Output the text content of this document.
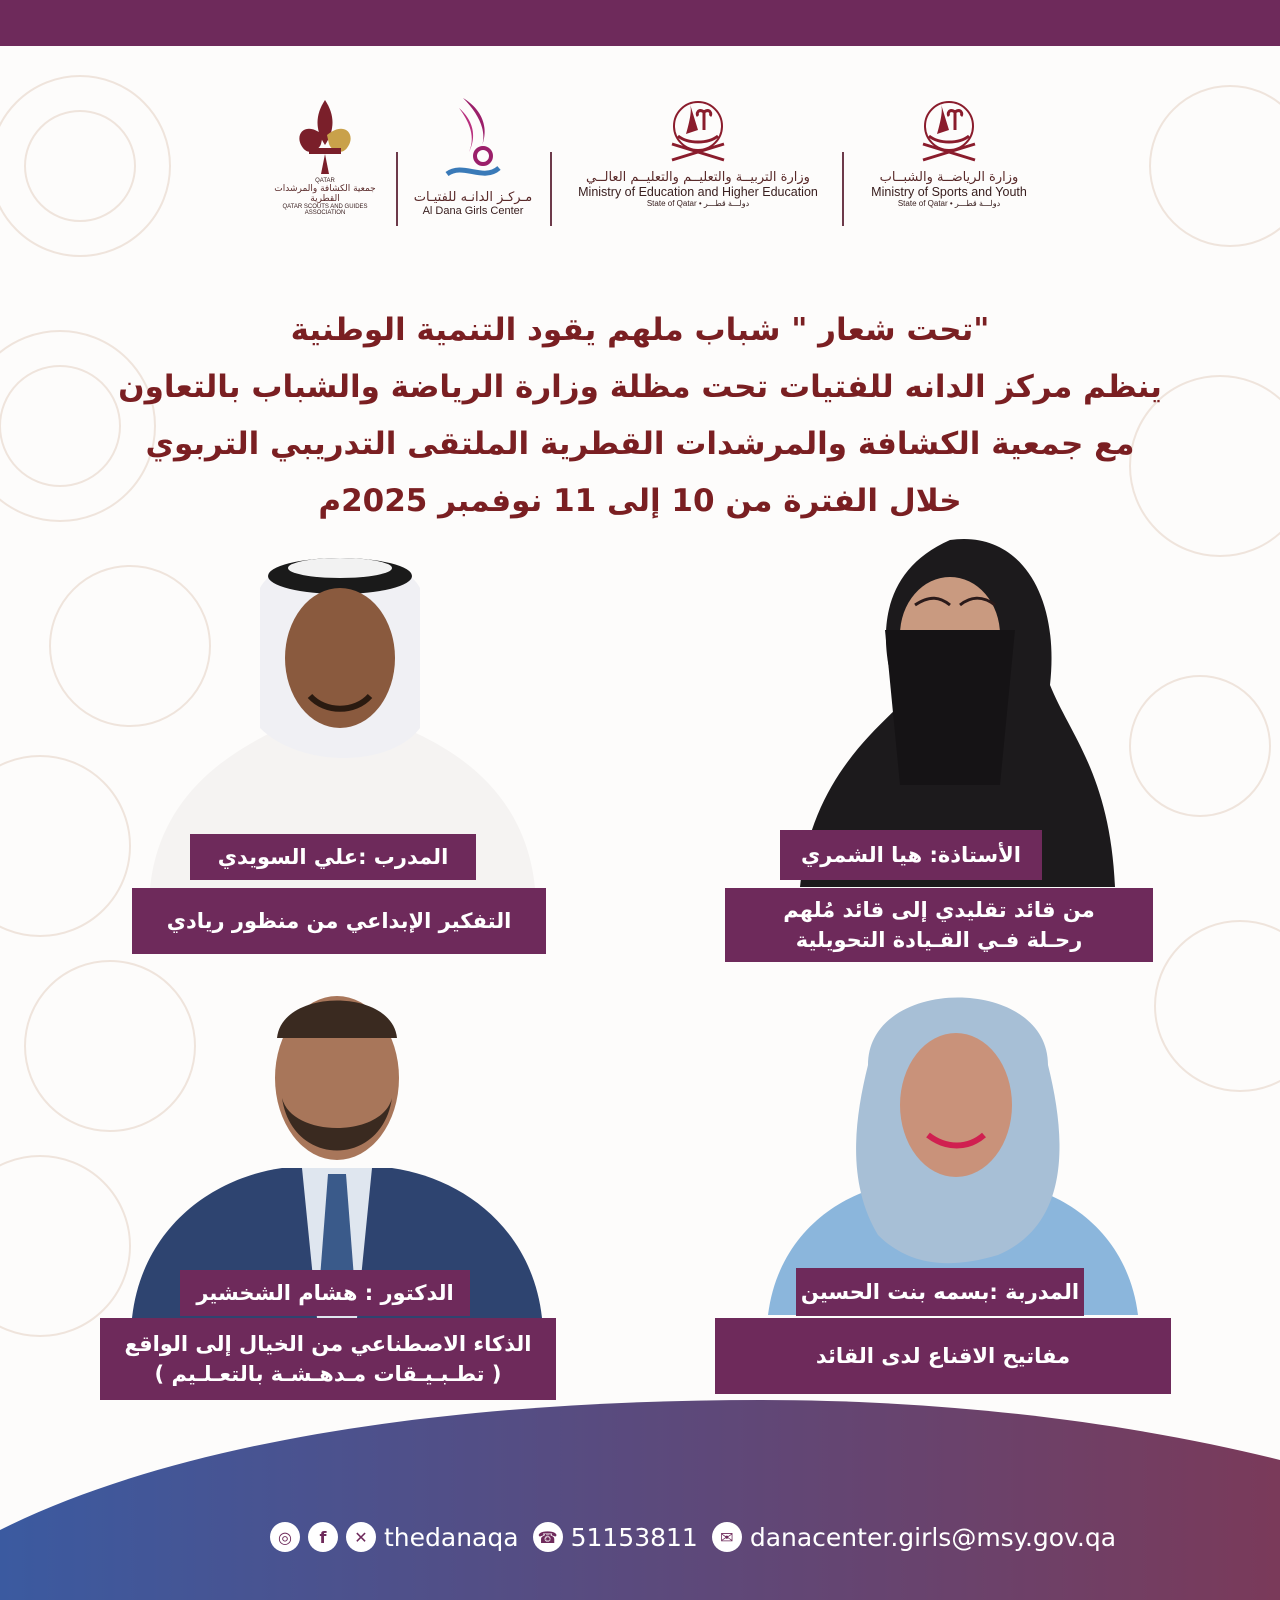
QATAR
جمعية الكشافة والمرشدات القطرية
QATAR SCOUTS AND GUIDES ASSOCIATION
مـركـز الدانـه للفتيـات
Al Dana Girls Center
وزارة التربيــة والتعليــم والتعليــم العالــي
Ministry of Education and Higher Education
State of Qatar • دولـــة قطـــر
وزارة الرياضــة والشبــاب
Ministry of Sports and Youth
State of Qatar • دولـــة قطـــر
"تحت شعار " شباب ملهم يقود التنمية الوطنية
ينظم مركز الدانه للفتيات تحت مظلة وزارة الرياضة والشباب بالتعاون
مع جمعية الكشافة والمرشدات القطرية الملتقى التدريبي التربوي
خلال الفترة من 10 إلى 11 نوفمبر 2025م
الأستاذة: هيا الشمري
من قائد تقليدي إلى قائد مُلهم
رحـلة فـي القـيادة التحويلية
المدرب :علي السويدي
التفكير الإبداعي من منظور ريادي
المدربة :بسمه بنت الحسين
مفاتيح الاقناع لدى القائد
الدكتور : هشام الشخشير
الذكاء الاصطناعي من الخيال إلى الواقع
( تطـبـيـقات مـدهـشـة بالتعـلـيم )
◎	f	✕ thedanaqa	☎ 51153811	✉ danacenter.girls@msy.gov.qa
